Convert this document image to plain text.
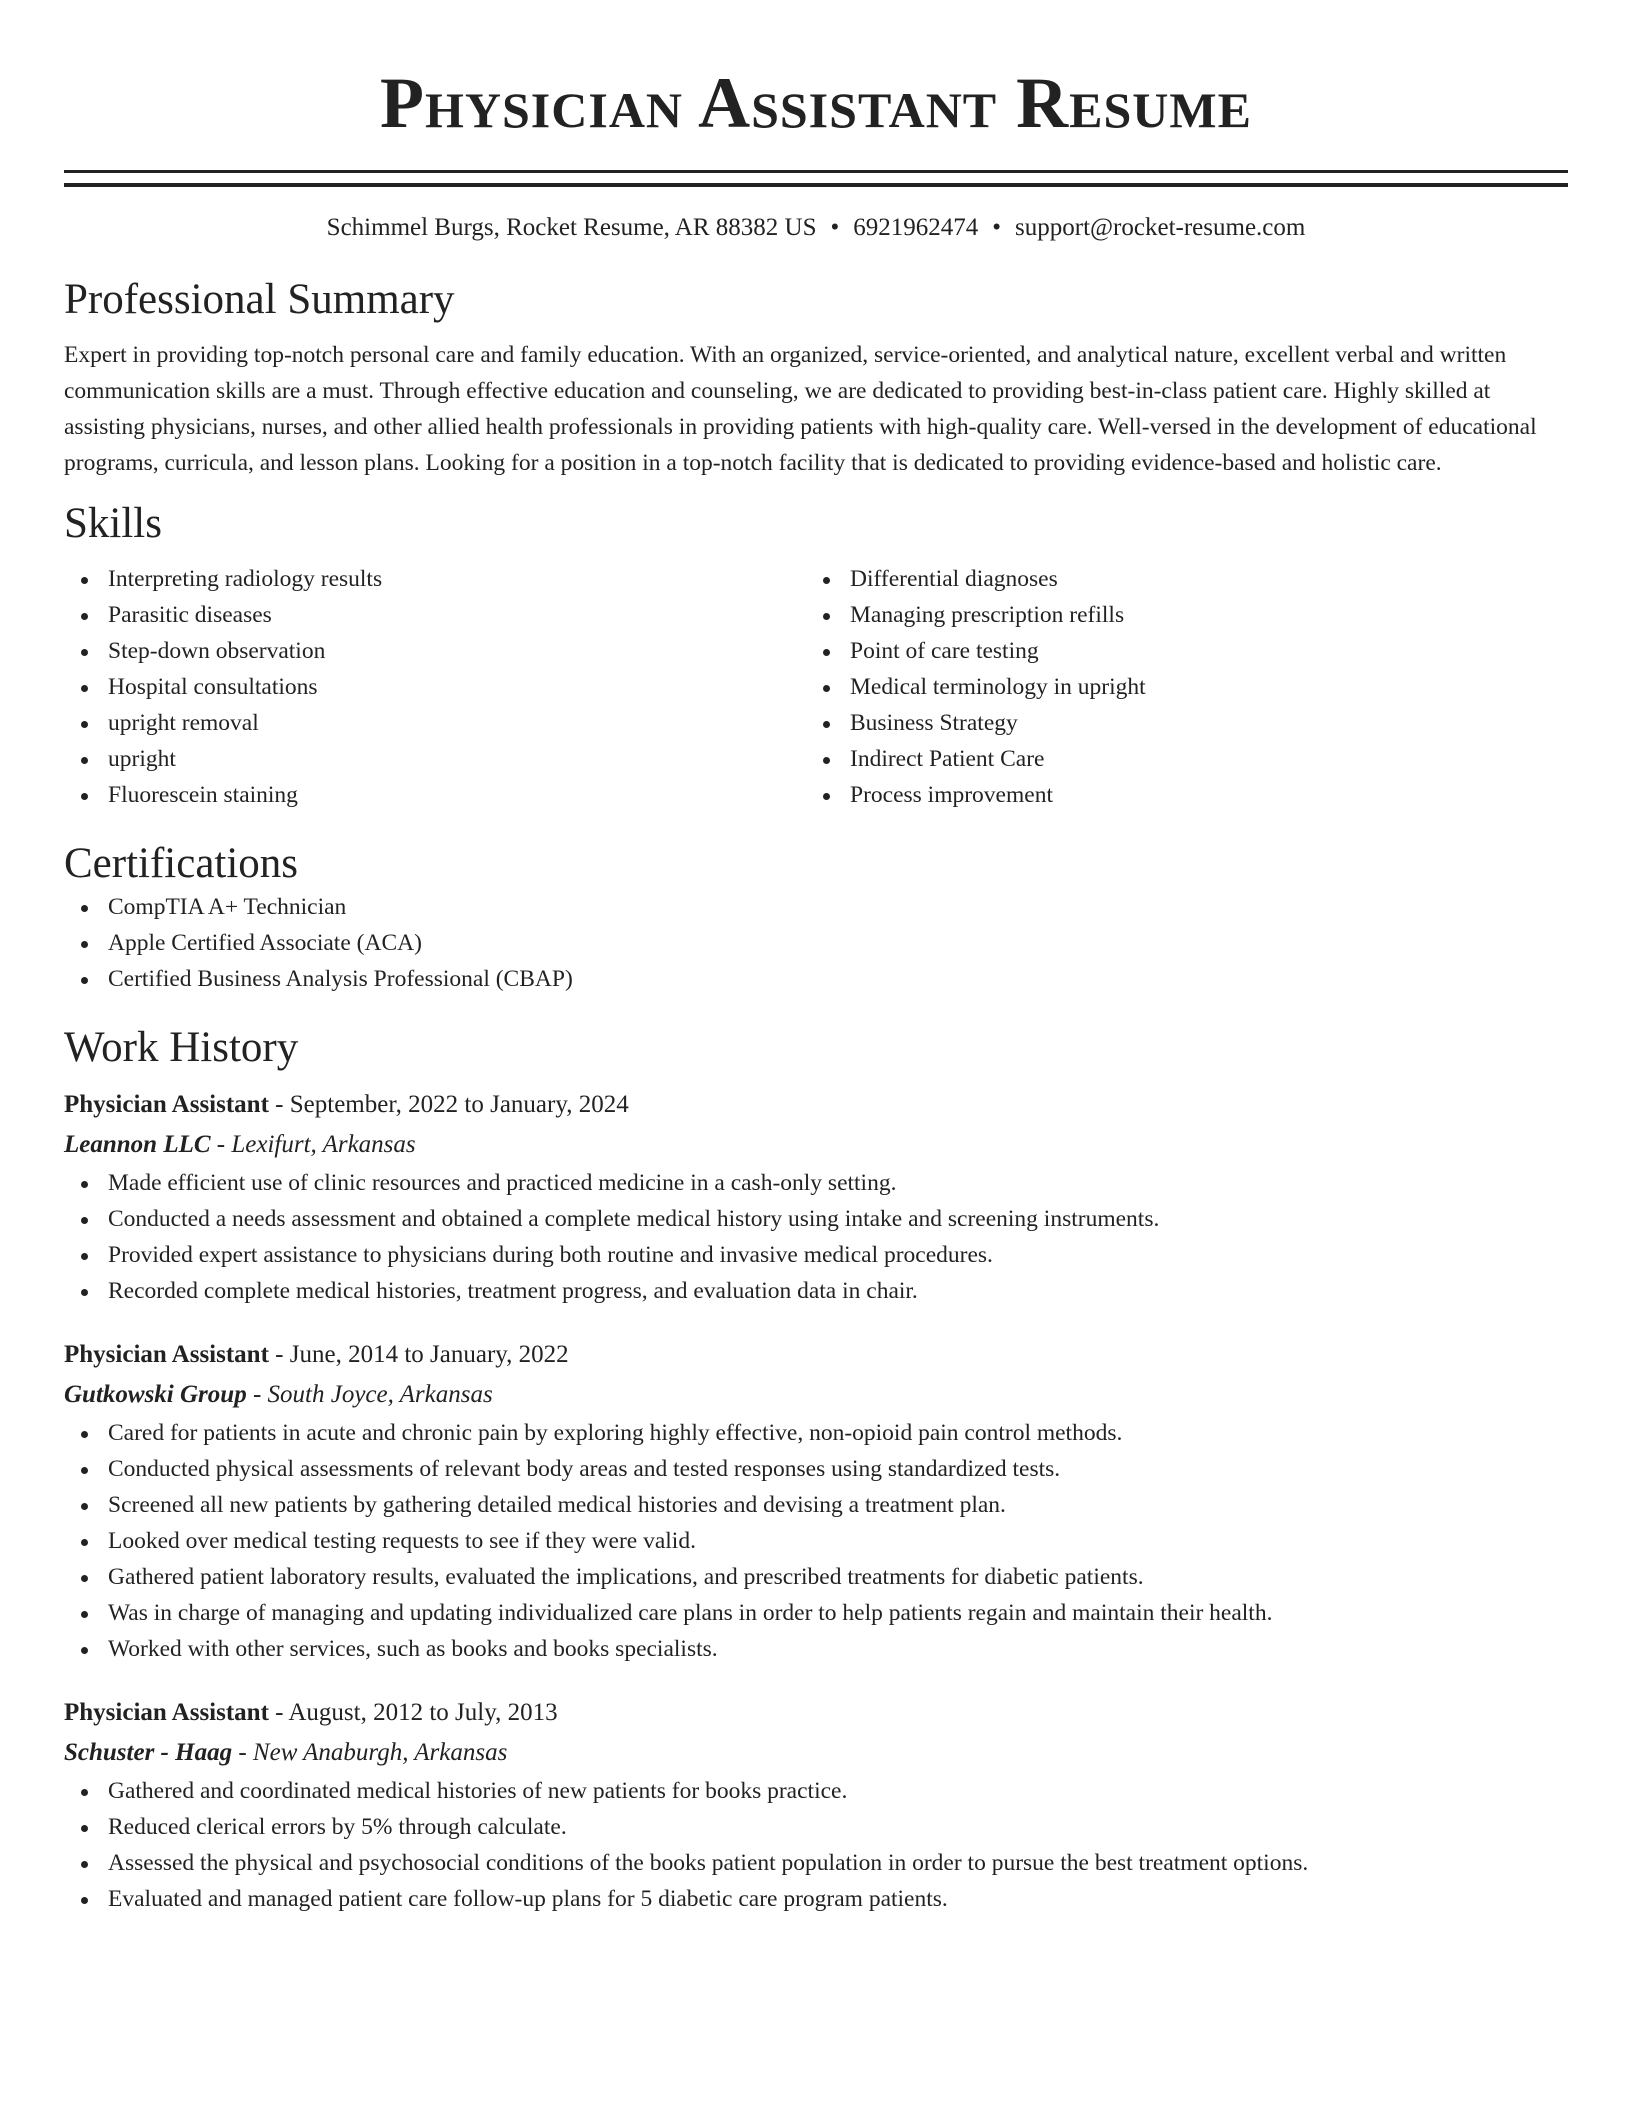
Physician Assistant Resume
Schimmel Burgs, Rocket Resume, AR 88382 US • 6921962474 • support@rocket-resume.com
Professional Summary

Expert in providing top-notch personal care and family education. With an organized, service-oriented, and analytical nature, excellent verbal and written communication skills are a must. Through effective education and counseling, we are dedicated to providing best-in-class patient care. Highly skilled at assisting physicians, nurses, and other allied health professionals in providing patients with high-quality care. Well-versed in the development of educational programs, curricula, and lesson plans. Looking for a position in a top-notch facility that is dedicated to providing evidence-based and holistic care.

Skills
Interpreting radiology results
Parasitic diseases
Step-down observation
Hospital consultations
upright removal
upright
Fluorescein staining
Differential diagnoses
Managing prescription refills
Point of care testing
Medical terminology in upright
Business Strategy
Indirect Patient Care
Process improvement
Certifications
CompTIA A+ Technician
Apple Certified Associate (ACA)
Certified Business Analysis Professional (CBAP)
Work History
Physician Assistant - September, 2022 to January, 2024
Leannon LLC - Lexifurt, Arkansas
Made efficient use of clinic resources and practiced medicine in a cash-only setting.
Conducted a needs assessment and obtained a complete medical history using intake and screening instruments.
Provided expert assistance to physicians during both routine and invasive medical procedures.
Recorded complete medical histories, treatment progress, and evaluation data in chair.
Physician Assistant - June, 2014 to January, 2022
Gutkowski Group - South Joyce, Arkansas
Cared for patients in acute and chronic pain by exploring highly effective, non-opioid pain control methods.
Conducted physical assessments of relevant body areas and tested responses using standardized tests.
Screened all new patients by gathering detailed medical histories and devising a treatment plan.
Looked over medical testing requests to see if they were valid.
Gathered patient laboratory results, evaluated the implications, and prescribed treatments for diabetic patients.
Was in charge of managing and updating individualized care plans in order to help patients regain and maintain their health.
Worked with other services, such as books and books specialists.
Physician Assistant - August, 2012 to July, 2013
Schuster - Haag - New Anaburgh, Arkansas
Gathered and coordinated medical histories of new patients for books practice.
Reduced clerical errors by 5% through calculate.
Assessed the physical and psychosocial conditions of the books patient population in order to pursue the best treatment options.
Evaluated and managed patient care follow-up plans for 5 diabetic care program patients.
